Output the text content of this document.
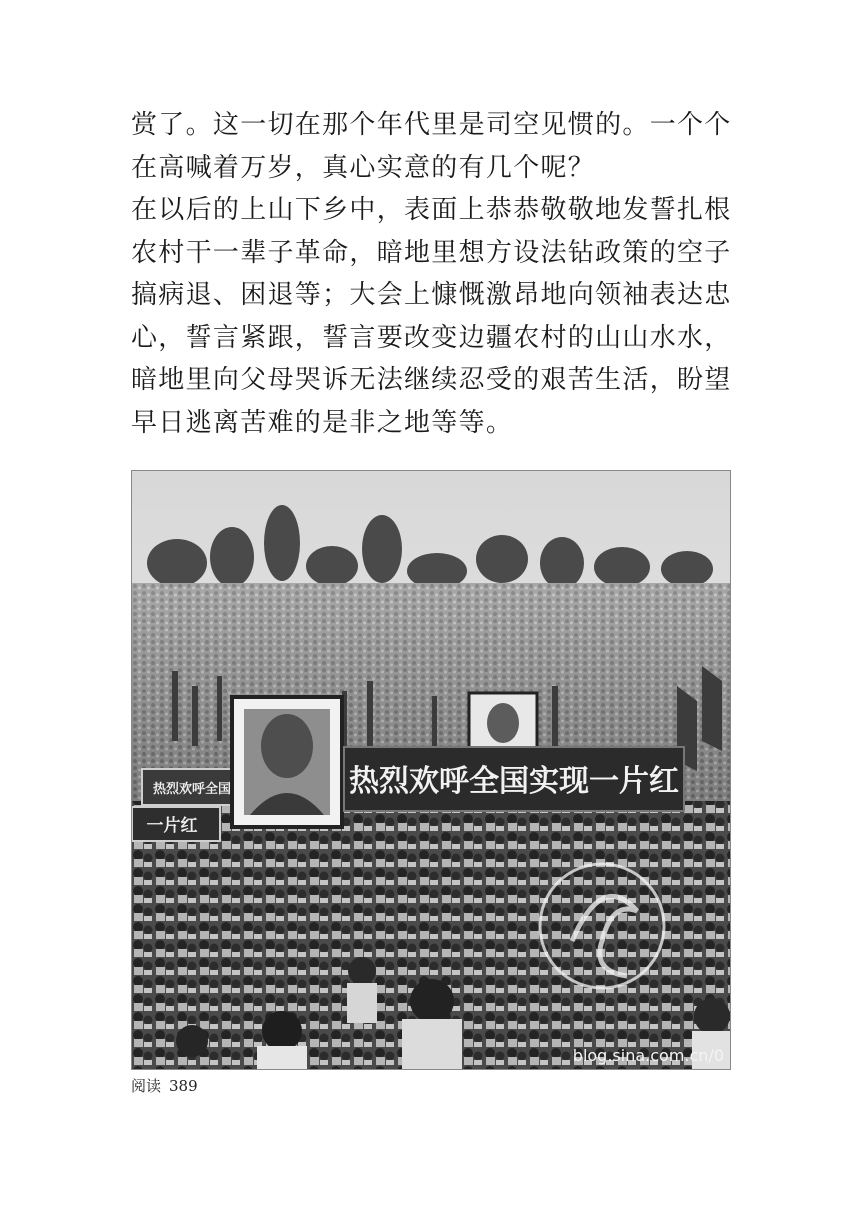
赏了。这一切在那个年代里是司空见惯的。一个个
在高喊着万岁，真心实意的有几个呢？
在以后的上山下乡中，表面上恭恭敬敬地发誓扎根
农村干一辈子革命，暗地里想方设法钻政策的空子
搞病退、困退等；大会上慷慨激昂地向领袖表达忠
心，誓言紧跟，誓言要改变边疆农村的山山水水，
暗地里向父母哭诉无法继续忍受的艰苦生活，盼望
早日逃离苦难的是非之地等等。
热烈欢呼全国
一片红
热烈欢呼全国实现一片红
blog.sina.com.cn/0
阅读 389
